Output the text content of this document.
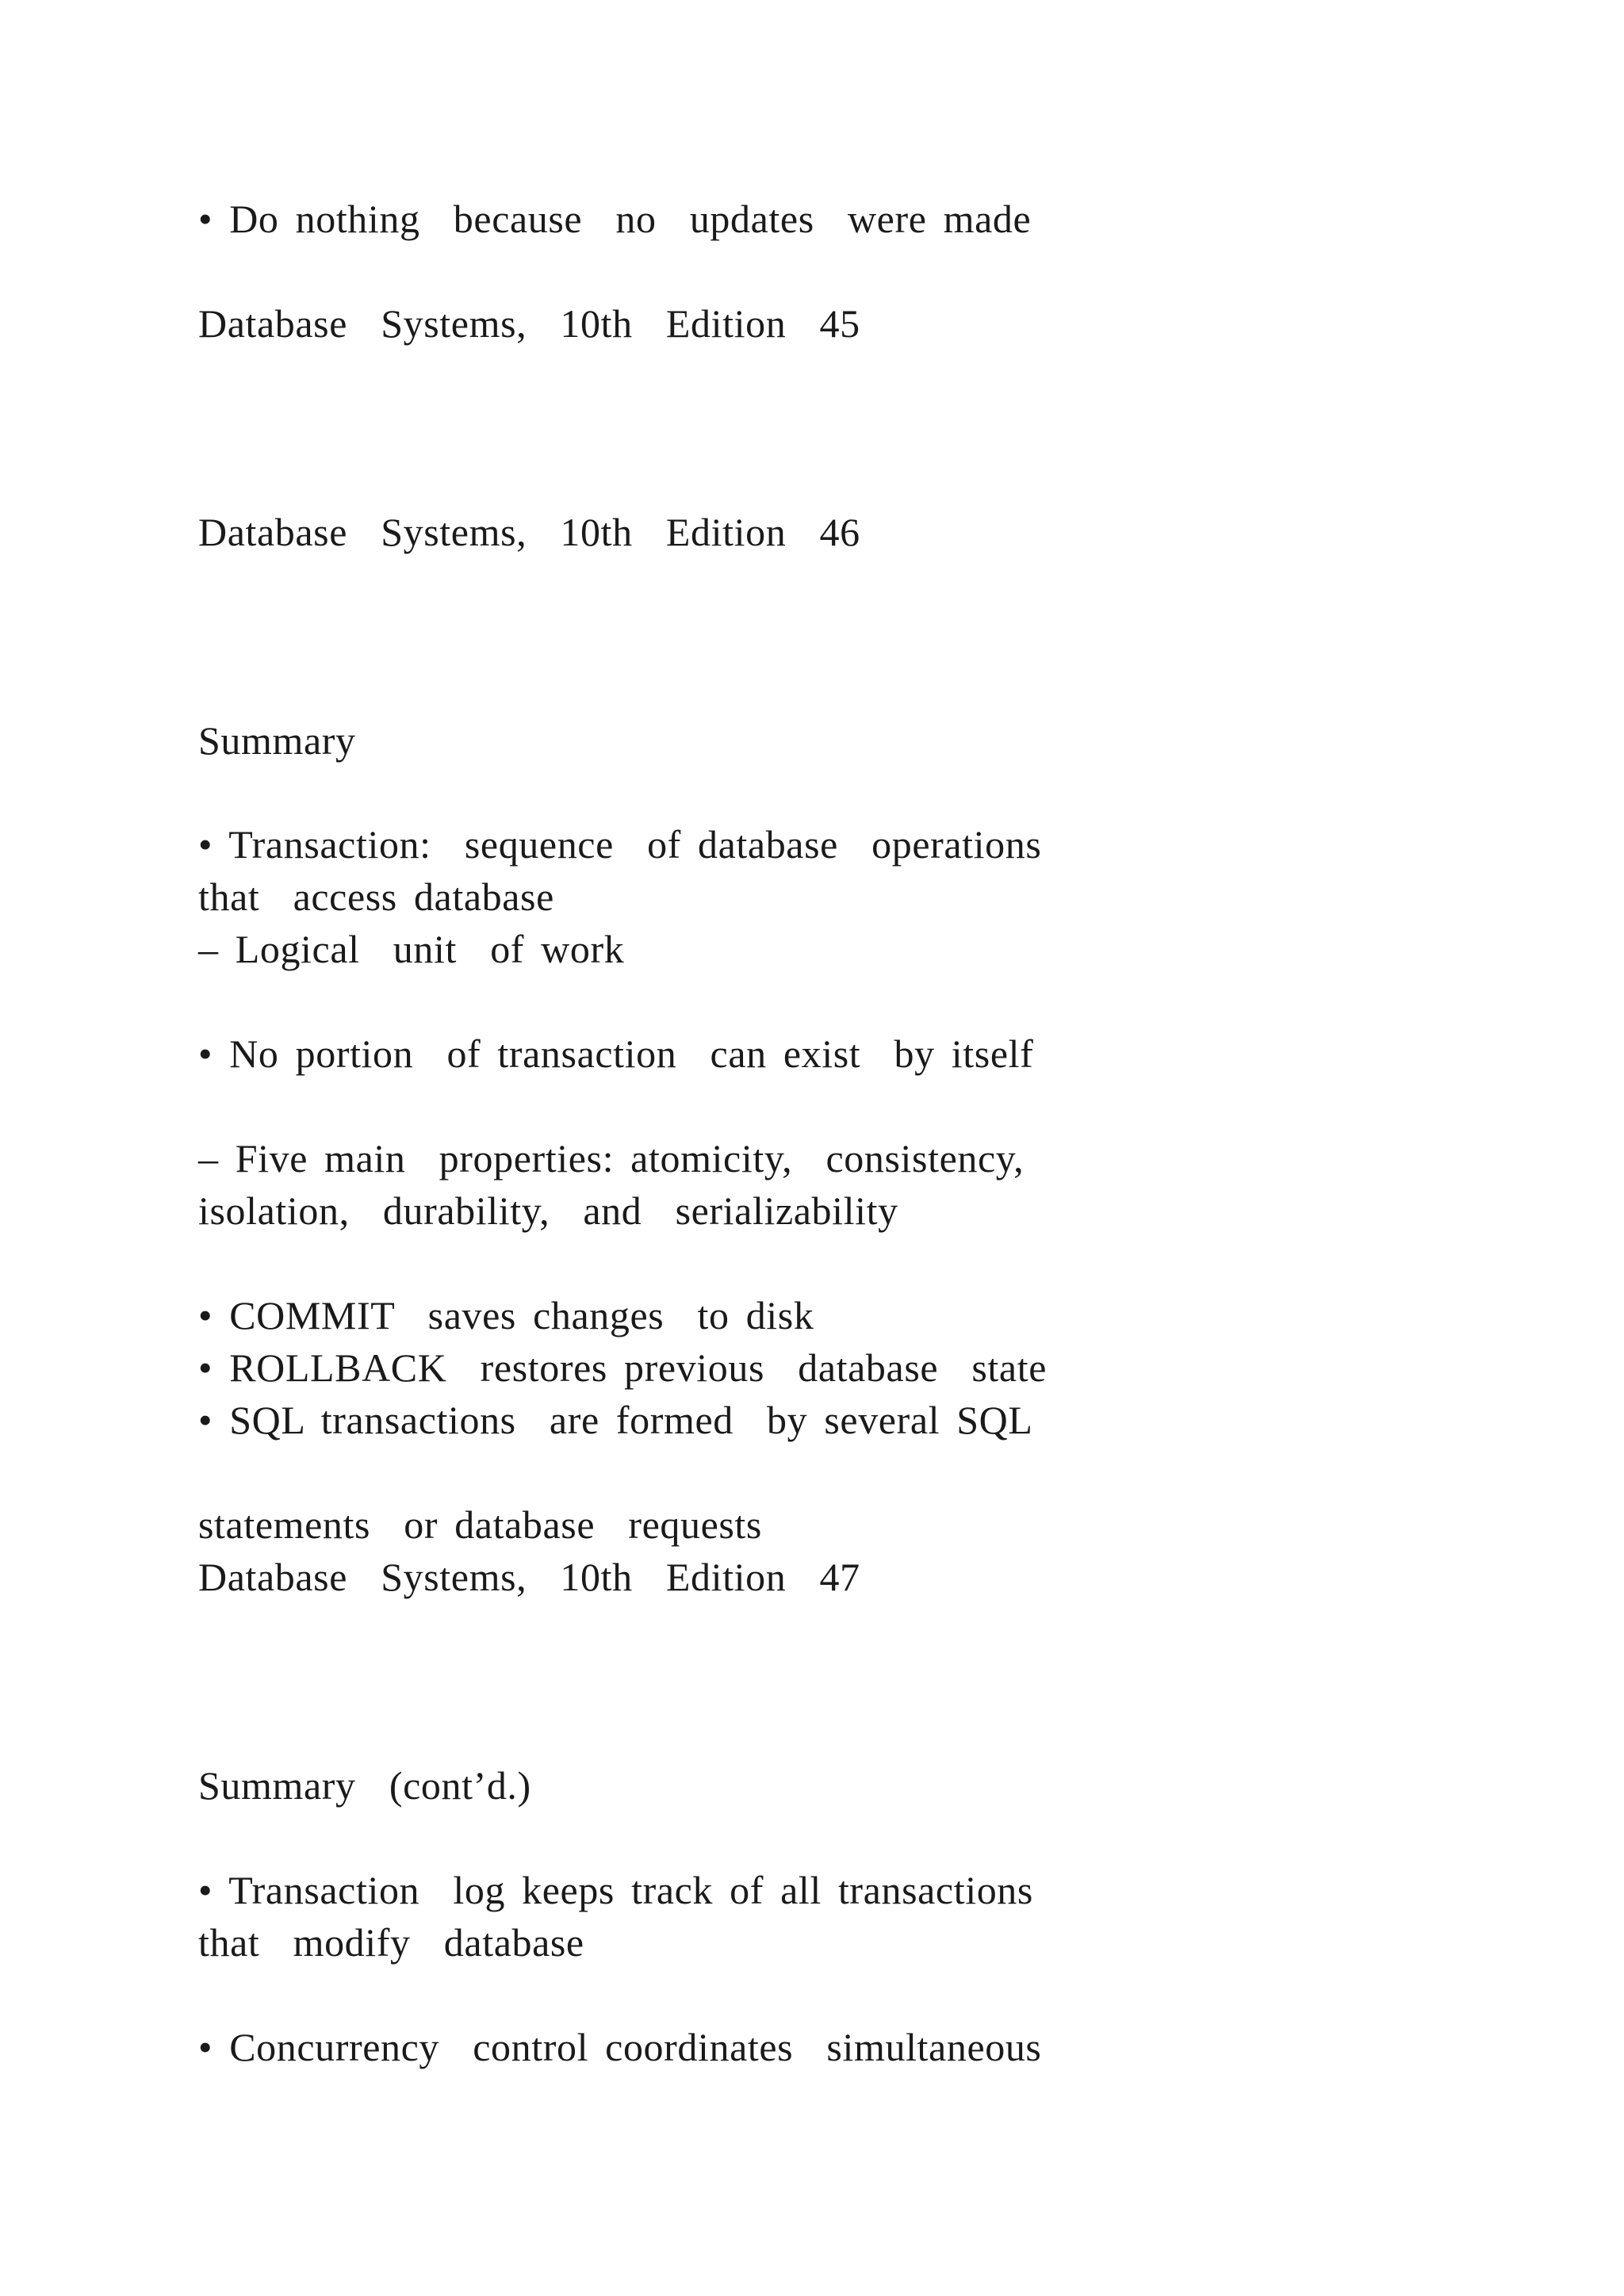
• Do nothing  because  no  updates  were made

Database  Systems,  10th  Edition  45

Database  Systems,  10th  Edition  46

Summary

• Transaction:  sequence  of database  operations

that  access database

– Logical  unit  of work

• No portion  of transaction  can exist  by itself

– Five main  properties: atomicity,  consistency,

isolation,  durability,  and  serializability

• COMMIT  saves changes  to disk

• ROLLBACK  restores previous  database  state

• SQL transactions  are formed  by several SQL

statements  or database  requests

Database  Systems,  10th  Edition  47

Summary  (cont’d.)

• Transaction  log keeps track of all transactions

that  modify  database

• Concurrency  control coordinates  simultaneous
